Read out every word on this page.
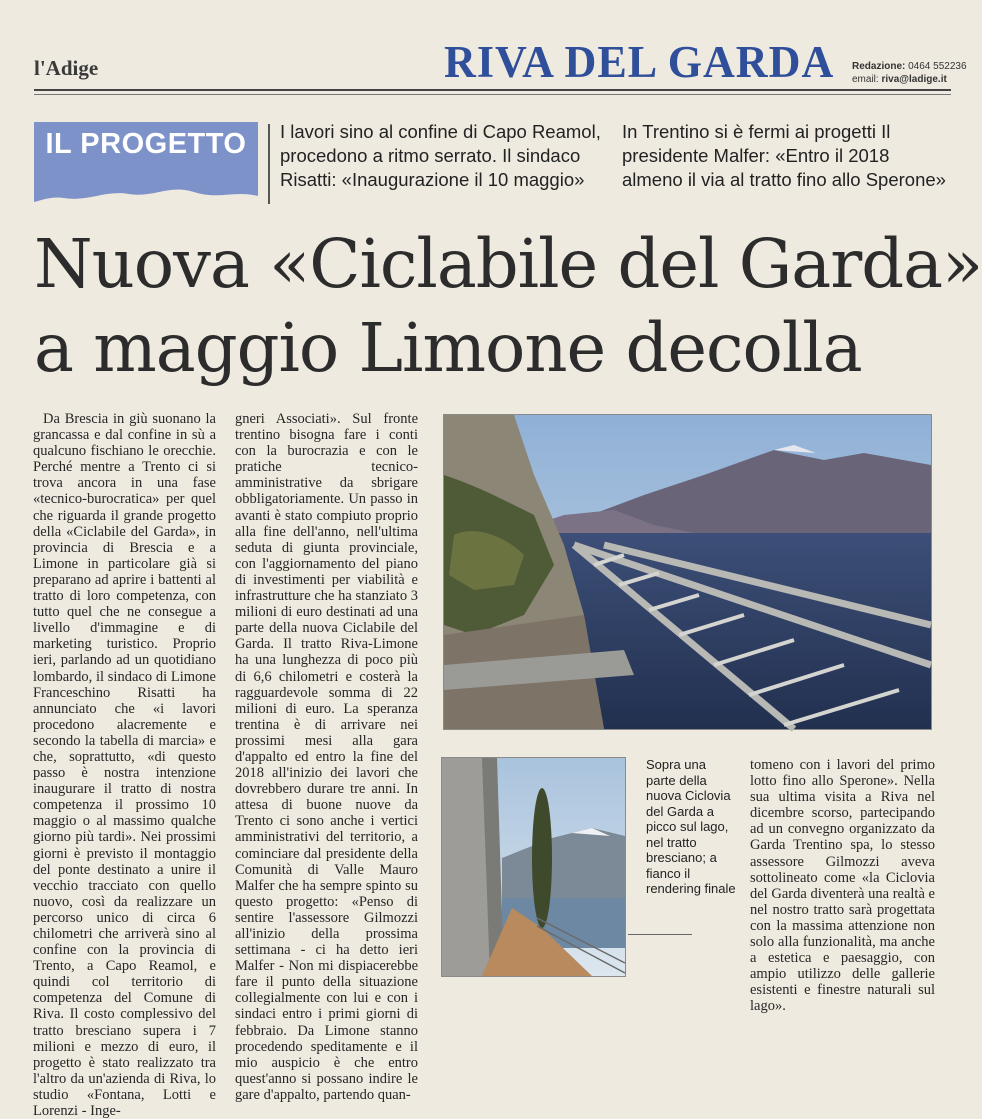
l'Adige	RIVA DEL GARDA Redazione: 0464 552236
email: riva@ladige.it
IL PROGETTO	I lavori sino al confine di Capo Reamol, procedono a ritmo serrato. Il sindaco Risatti: «Inaugurazione il 10 maggio»
In Trentino si è fermi ai progetti Il presidente Malfer: «Entro il 2018 almeno il via al tratto fino allo Sperone»
Nuova «Ciclabile del Garda»
a maggio Limone decolla

Da Brescia in giù suonano la grancassa e dal confine in sù a qualcuno fischiano le orecchie. Perché mentre a Trento ci si trova ancora in una fase «tecnico-burocratica» per quel che riguarda il grande progetto della «Ciclabile del Garda», in provincia di Brescia e a Limone in particolare già si preparano ad aprire i battenti al tratto di loro competenza, con tutto quel che ne consegue a livello d'immagine e di marketing turistico. Proprio ieri, parlando ad un quotidiano lombardo, il sindaco di Limone Franceschino Risatti ha annunciato che «i lavori procedono alacremente e secondo la tabella di marcia» e che, soprattutto, «di questo passo è nostra intenzione inaugurare il tratto di nostra competenza il prossimo 10 maggio o al massimo qualche giorno più tardi». Nei prossimi giorni è previsto il montaggio del ponte destinato a unire il vecchio tracciato con quello nuovo, così da realizzare un percorso unico di circa 6 chilometri che arriverà sino al confine con la provincia di Trento, a Capo Reamol, e quindi col territorio di competenza del Comune di Riva. Il costo complessivo del tratto bresciano supera i 7 milioni e mezzo di euro, il progetto è stato realizzato tra l'altro da un'azienda di Riva, lo studio «Fontana, Lotti e Lorenzi - Inge-

gneri Associati». Sul fronte trentino bisogna fare i conti con la burocrazia e con le pratiche tecnico-amministrative da sbrigare obbligatoriamente. Un passo in avanti è stato compiuto proprio alla fine dell'anno, nell'ultima seduta di giunta provinciale, con l'aggiornamento del piano di investimenti per viabilità e infrastrutture che ha stanziato 3 milioni di euro destinati ad una parte della nuova Ciclabile del Garda. Il tratto Riva-Limone ha una lunghezza di poco più di 6,6 chilometri e costerà la ragguardevole somma di 22 milioni di euro. La speranza trentina è di arrivare nei prossimi mesi alla gara d'appalto ed entro la fine del 2018 all'inizio dei lavori che dovrebbero durare tre anni. In attesa di buone nuove da Trento ci sono anche i vertici amministrativi del territorio, a cominciare dal presidente della Comunità di Valle Mauro Malfer che ha sempre spinto su questo progetto: «Penso di sentire l'assessore Gilmozzi all'inizio della prossima settimana - ci ha detto ieri Malfer - Non mi dispiacerebbe fare il punto della situazione collegialmente con lui e con i sindaci entro i primi giorni di febbraio. Da Limone stanno procedendo speditamente e il mio auspicio è che entro quest'anno si possano indire le gare d'appalto, partendo quan-

Sopra una parte della nuova Ciclovia del Garda a picco sul lago, nel tratto bresciano; a fianco il rendering finale

tomeno con i lavori del primo lotto fino allo Sperone». Nella sua ultima visita a Riva nel dicembre scorso, partecipando ad un convegno organizzato da Garda Trentino spa, lo stesso assessore Gilmozzi aveva sottolineato come «la Ciclovia del Garda diventerà una realtà e nel nostro tratto sarà progettata con la massima attenzione non solo alla funzionalità, ma anche a estetica e paesaggio, con ampio utilizzo delle gallerie esistenti e finestre naturali sul lago».
